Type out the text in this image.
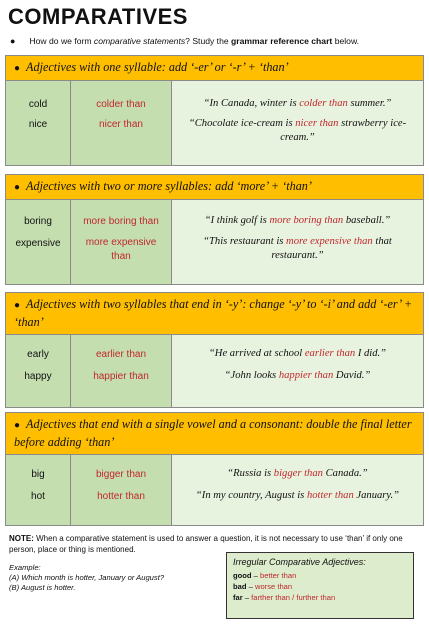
COMPARATIVES
● How do we form comparative statements? Study the grammar reference chart below.
● Adjectives with one syllable: add ‘-er’ or ‘-r’ + ‘than’
cold
nice
colder than
nicer than
“In Canada, winter is colder than summer.”
“Chocolate ice-cream is nicer than strawberry ice-cream.”
● Adjectives with two or more syllables: add ‘more’ + ‘than’
boring
expensive
more boring than
more expensive than
“I think golf is more boring than baseball.”
“This restaurant is more expensive than that restaurant.”
● Adjectives with two syllables that end in ‘-y’: change ‘-y’ to ‘-i’ and add ‘-er’ + ‘than’
early
happy
earlier than
happier than
“He arrived at school earlier than I did.”
“John looks happier than David.”
● Adjectives that end with a single vowel and a consonant: double the final letter before adding ‘than’
big
hot
bigger than
hotter than
“Russia is bigger than Canada.”
“In my country, August is hotter than January.”
NOTE: When a comparative statement is used to answer a question, it is not necessary to use ‘than’ if only one person, place or thing is mentioned.
Example:
(A) Which month is hotter, January or August?
(B) August is hotter.
Irregular Comparative Adjectives:
good – better than
bad – worse than
far – farther than / further than
